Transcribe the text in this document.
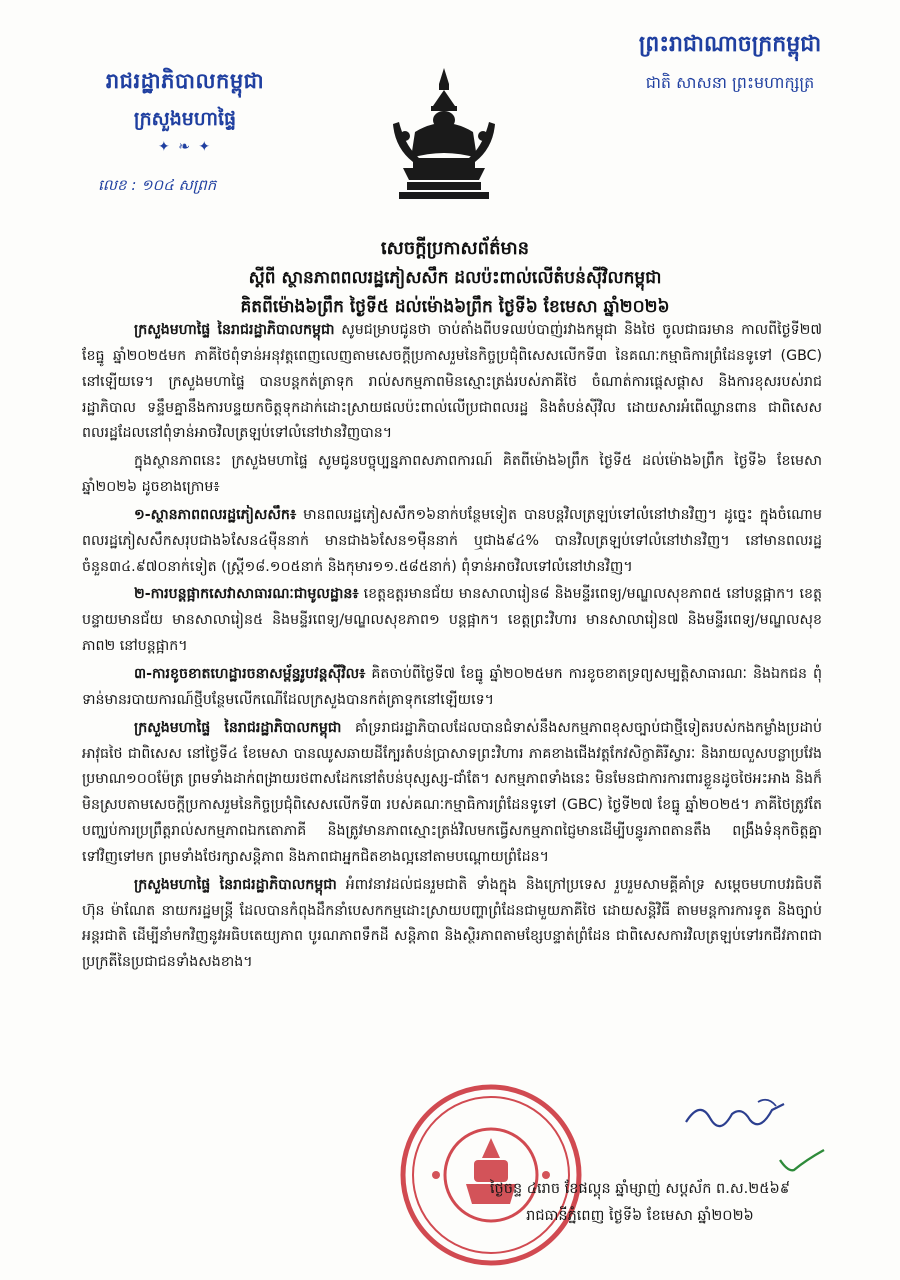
រាជរដ្ឋាភិបាលកម្ពុជា
ក្រសួងមហាផ្ទៃ
✦ ❧ ✦
លេខ : ១០៤ សព្រក
ព្រះរាជាណាចក្រកម្ពុជា
ជាតិ សាសនា ព្រះមហាក្សត្រ
សេចក្ដីប្រកាសព័ត៌មាន
ស្ដីពី ស្ថានភាពពលរដ្ឋភៀសសឹក ដលប៉ះពាល់លើតំបន់ស៊ីវិលកម្ពុជា
គិតពីម៉ោង៦ព្រឹក ថ្ងៃទី៥ ដល់ម៉ោង៦ព្រឹក ថ្ងៃទី៦ ខែមេសា ឆ្នាំ២០២៦

ក្រសួងមហាផ្ទៃ នៃរាជរដ្ឋាភិបាលកម្ពុជា សូមជម្រាបជូនថា ចាប់តាំងពីបទឈប់បាញ់រវាងកម្ពុជា និងថៃ ចូលជាធរមាន កាលពីថ្ងៃទី២៧ ខែធ្នូ ឆ្នាំ២០២៥មក ភាគីថៃពុំទាន់អនុវត្តពេញលេញតាមសេចក្ដីប្រកាសរួមនៃកិច្ចប្រជុំពិសេសលើកទី៣ នៃគណៈកម្មាធិការព្រំដែនទូទៅ (GBC) នៅឡើយទេ។ ក្រសួងមហាផ្ទៃ បានបន្តកត់ត្រាទុក រាល់សកម្មភាពមិនស្មោះត្រង់របស់ភាគីថៃ ចំណាត់ការផ្ដេសផ្ដាស និងការខុសរបស់រាជរដ្ឋាភិបាល ទន្ទឹមគ្នានឹងការបន្ទយកចិត្តទុកដាក់ដោះស្រាយផលប៉ះពាល់លើប្រជាពលរដ្ឋ និងតំបន់ស៊ីវិល ដោយសារអំពើឈ្លានពាន ជាពិសេសពលរដ្ឋដែលនៅពុំទាន់អាចវិលត្រឡប់ទៅលំនៅឋានវិញបាន។

ក្នុងស្ថានភាពនេះ ក្រសួងមហាផ្ទៃ សូមជូនបច្ចុប្បន្នភាពសភាពការណ៍ គិតពីម៉ោង៦ព្រឹក ថ្ងៃទី៥ ដល់ម៉ោង៦ព្រឹក ថ្ងៃទី៦ ខែមេសា ឆ្នាំ២០២៦ ដូចខាងក្រោម៖

១-ស្ថានភាពពលរដ្ឋភៀសសឹក៖ មានពលរដ្ឋភៀសសឹក១៦នាក់បន្ថែមទៀត បានបន្តវិលត្រឡប់ទៅលំនៅឋានវិញ។ ដូច្នេះ ក្នុងចំណោមពលរដ្ឋភៀសសឹកសរុបជាង៦សែន៤ម៉ឺននាក់ មានជាង៦សែន១ម៉ឺននាក់ ឬជាង៩៤% បានវិលត្រឡប់ទៅលំនៅឋានវិញ។ នៅមានពលរដ្ឋចំនួន៣៤.៩៧០នាក់ទៀត (ស្ត្រី១៨.១០៥នាក់ និងកុមារ១១.៥៨៥នាក់) ពុំទាន់អាចវិលទៅលំនៅឋានវិញ។

២-ការបន្តផ្អាកសេវាសាធារណៈជាមូលដ្ឋាន៖ ខេត្តឧត្តរមានជ័យ មានសាលារៀន៨ និងមន្ទីរពេទ្យ/មណ្ឌលសុខភាព៥ នៅបន្តផ្អាក។ ខេត្តបន្ទាយមានជ័យ មានសាលារៀន៥ និងមន្ទីរពេទ្យ/មណ្ឌលសុខភាព១ បន្តផ្អាក។ ខេត្តព្រះវិហារ មានសាលារៀន៧ និងមន្ទីរពេទ្យ/មណ្ឌលសុខភាព២ នៅបន្តផ្អាក។

៣-ការខូចខាតហេដ្ឋារចនាសម្ព័ន្ធរូបវន្តស៊ីវិល៖ គិតចាប់ពីថ្ងៃទី៧ ខែធ្នូ ឆ្នាំ២០២៥មក ការខូចខាតទ្រព្យសម្បត្តិសាធារណៈ និងឯកជន ពុំទាន់មានរបាយការណ៍ថ្មីបន្ថែមលើកណើដែលក្រសួងបានកត់ត្រាទុកនៅឡើយទេ។

ក្រសួងមហាផ្ទៃ នៃរាជរដ្ឋាភិបាលកម្ពុជា គាំទ្ររាជរដ្ឋាភិបាលដែលបានជំទាស់នឹងសកម្មភាពខុសច្បាប់ជាថ្មីទៀតរបស់កងកម្លាំងប្រដាប់អាវុធថៃ ជាពិសេស នៅថ្ងៃទី៤ ខែមេសា បានឈូសឆាយដីក្បែរតំបន់ប្រាសាទព្រះវិហារ ភាគខាងជើងវត្តកែវសិក្ខាគិរីស្វារៈ និងរាយលួសបន្លាប្រវែងប្រមាណ១០០ម៉ែត្រ ព្រមទាំងដាក់ពង្រាយរថពាសដែកនៅតំបន់បុស្សស្ស-ជាំតែ។ សកម្មភាពទាំងនេះ មិនមែនជាការការពារខ្លួនដូចថៃអះអាង និងក៏មិនស្របតាមសេចក្ដីប្រកាសរួមនៃកិច្ចប្រជុំពិសេសលើកទី៣ របស់គណៈកម្មាធិការព្រំដែនទូទៅ (GBC) ថ្ងៃទី២៧ ខែធ្នូ ឆ្នាំ២០២៥។ ភាគីថៃត្រូវតែបញ្ឈប់ការប្រព្រឹត្តរាល់សកម្មភាពឯកតោភាគី និងត្រូវមានភាពស្មោះត្រង់វិលមកធ្វើសកម្មភាពជ្ញៃមានដើម្បីបន្ធូរភាពតានតឹង ពង្រឹងទំនុកចិត្តគ្នាទៅវិញទៅមក ព្រមទាំងថែរក្សាសន្តិភាព និងភាពជាអ្នកជិតខាងល្អនៅតាមបណ្ដោយព្រំដែន។

ក្រសួងមហាផ្ទៃ នៃរាជរដ្ឋាភិបាលកម្ពុជា អំពាវនាវដល់ជនរួមជាតិ ទាំងក្នុង និងក្រៅប្រទេស រួបរួមសាមគ្គីគាំទ្រ សម្ដេចមហាបវរធិបតី ហ៊ុន ម៉ាណែត នាយករដ្ឋមន្ត្រី ដែលបានកំពុងដឹកនាំបេសកកម្មដោះស្រាយបញ្ហាព្រំដែនជាមួយភាគីថៃ ដោយសន្តិវិធី តាមមន្តការការទូត និងច្បាប់អន្តរជាតិ ដើម្បីនាំមកវិញនូវអធិបតេយ្យភាព បូរណភាពទឹកដី សន្តិភាព និងស្ថិរភាពតាមខ្សែបន្ទាត់ព្រំដែន ជាពិសេសការវិលត្រឡប់ទៅរកជីវភាពជាប្រក្រតីនៃប្រជាជនទាំងសងខាង។

ថ្ងៃចន្ទ ៤រោច ខែផល្គុន ឆ្នាំម្សាញ់ សប្តស័ក ព.ស.២៥៦៩
រាជធានីភ្នំពេញ ថ្ងៃទី៦ ខែមេសា ឆ្នាំ២០២៦
